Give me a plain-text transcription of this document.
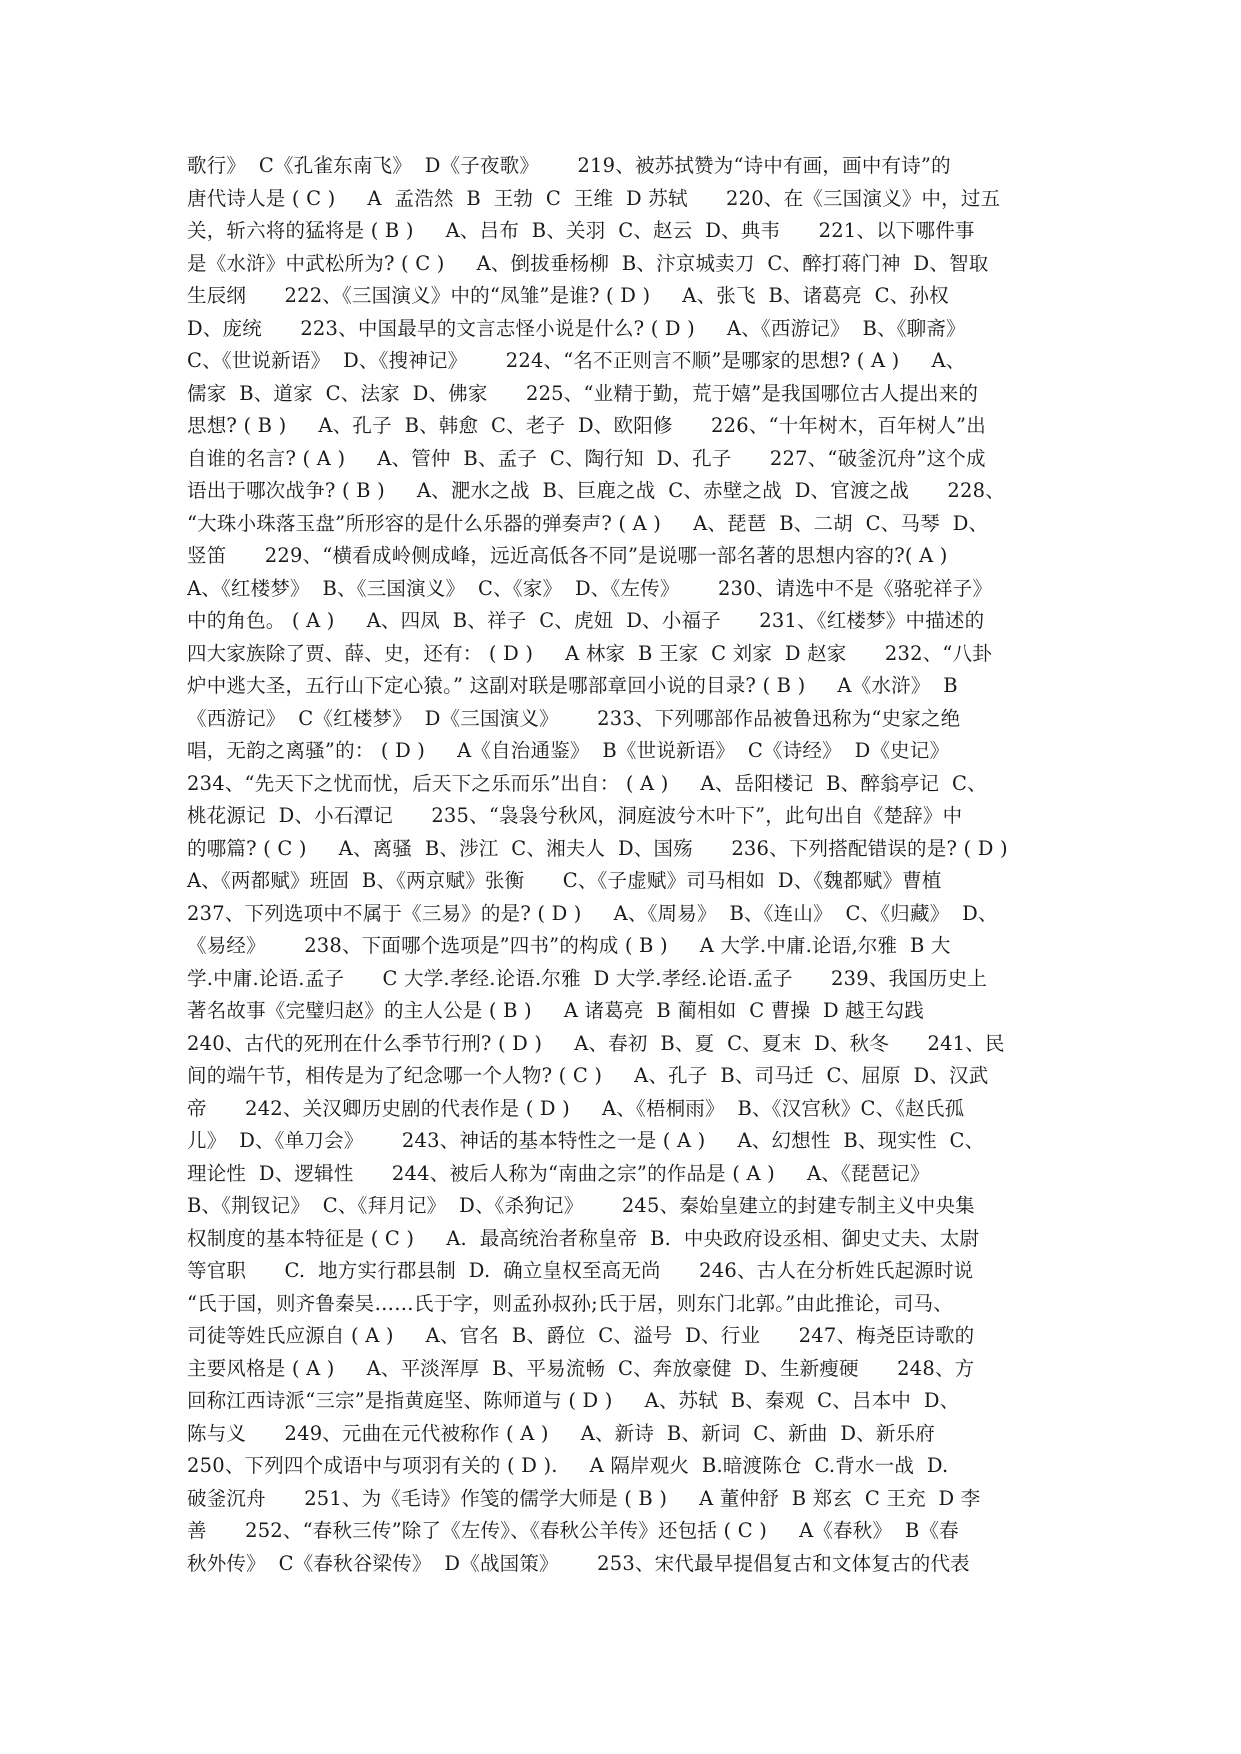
歌行》  C《孔雀东南飞》  D《子夜歌》      219、被苏拭赞为“诗中有画，画中有诗”的
唐代诗人是 ( C )     A  孟浩然  B  王勃  C  王维  D 苏轼      220、在《三国演义》中，过五
关，斩六将的猛将是 ( B )     A、吕布  B、关羽  C、赵云  D、典韦      221、以下哪件事
是《水浒》中武松所为? ( C )     A、倒拔垂杨柳  B、汴京城卖刀  C、醉打蒋门神  D、智取
生辰纲      222、《三国演义》中的“凤雏”是谁? ( D )     A、张飞  B、诸葛亮  C、孙权
D、庞统      223、中国最早的文言志怪小说是什么? ( D )     A、《西游记》  B、《聊斋》
C、《世说新语》  D、《搜神记》      224、“名不正则言不顺”是哪家的思想? ( A )     A、
儒家  B、道家  C、法家  D、佛家      225、“业精于勤，荒于嬉”是我国哪位古人提出来的
思想? ( B )     A、孔子  B、韩愈  C、老子  D、欧阳修      226、“十年树木，百年树人”出
自谁的名言? ( A )     A、管仲  B、孟子  C、陶行知  D、孔子      227、“破釜沉舟”这个成
语出于哪次战争? ( B )     A、淝水之战  B、巨鹿之战  C、赤壁之战  D、官渡之战      228、
“大珠小珠落玉盘”所形容的是什么乐器的弹奏声? ( A )     A、琵琶  B、二胡  C、马琴  D、
竖笛      229、“横看成岭侧成峰，远近高低各不同”是说哪一部名著的思想内容的?( A )
A、《红楼梦》  B、《三国演义》  C、《家》  D、《左传》      230、请选中不是《骆驼祥子》
中的角色。 ( A )     A、四凤  B、祥子  C、虎妞  D、小福子      231、《红楼梦》中描述的
四大家族除了贾、薛、史，还有： ( D )     A 林家  B 王家  C 刘家  D 赵家      232、“八卦
炉中逃大圣，五行山下定心猿。” 这副对联是哪部章回小说的目录? ( B )     A《水浒》  B
《西游记》  C《红楼梦》  D《三国演义》      233、下列哪部作品被鲁迅称为“史家之绝
唱，无韵之离骚”的： ( D )     A《自治通鉴》  B《世说新语》  C《诗经》  D《史记》
234、“先天下之忧而忧，后天下之乐而乐”出自： ( A )     A、岳阳楼记  B、醉翁亭记  C、
桃花源记  D、小石潭记      235、“袅袅兮秋风，洞庭波兮木叶下”，此句出自《楚辞》中
的哪篇? ( C )     A、离骚  B、涉江  C、湘夫人  D、国殇      236、下列搭配错误的是? ( D )
A、《两都赋》班固  B、《两京赋》张衡      C、《子虚赋》司马相如  D、《魏都赋》曹植
237、下列选项中不属于《三易》的是? ( D )     A、《周易》  B、《连山》  C、《归藏》  D、
《易经》      238、下面哪个选项是”四书”的构成 ( B )     A 大学.中庸.论语,尔雅  B 大
学.中庸.论语.孟子      C 大学.孝经.论语.尔雅  D 大学.孝经.论语.孟子      239、我国历史上
著名故事《完璧归赵》的主人公是 ( B )     A 诸葛亮  B 蔺相如  C 曹操  D 越王勾践
240、古代的死刑在什么季节行刑? ( D )     A、春初  B、夏  C、夏末  D、秋冬      241、民
间的端午节，相传是为了纪念哪一个人物? ( C )     A、孔子  B、司马迁  C、屈原  D、汉武
帝      242、关汉卿历史剧的代表作是 ( D )     A、《梧桐雨》  B、《汉宫秋》C、《赵氏孤
儿》  D、《单刀会》      243、神话的基本特性之一是 ( A )     A、幻想性  B、现实性  C、
理论性  D、逻辑性      244、被后人称为“南曲之宗”的作品是 ( A )     A、《琵琶记》
B、《荆钗记》  C、《拜月记》  D、《杀狗记》      245、秦始皇建立的封建专制主义中央集
权制度的基本特征是 ( C )     A.  最高统治者称皇帝  B.  中央政府设丞相、御史丈夫、太尉
等官职      C.  地方实行郡县制  D.  确立皇权至高无尚      246、古人在分析姓氏起源时说
“氏于国，则齐鲁秦吴……氏于字，则孟孙叔孙;氏于居，则东门北郭。”由此推论，司马、
司徒等姓氏应源自 ( A )     A、官名  B、爵位  C、溢号  D、行业      247、梅尧臣诗歌的
主要风格是 ( A )     A、平淡浑厚  B、平易流畅  C、奔放豪健  D、生新瘦硬      248、方
回称江西诗派“三宗”是指黄庭坚、陈师道与 ( D )     A、苏轼  B、秦观  C、吕本中  D、
陈与义      249、元曲在元代被称作 ( A )     A、新诗  B、新词  C、新曲  D、新乐府
250、下列四个成语中与项羽有关的 ( D ).     A 隔岸观火  B.暗渡陈仓  C.背水一战  D.
破釜沉舟      251、为《毛诗》作笺的儒学大师是 ( B )     A 董仲舒  B 郑玄  C 王充  D 李
善      252、“春秋三传”除了《左传》、《春秋公羊传》还包括 ( C )     A《春秋》  B《春
秋外传》  C《春秋谷梁传》  D《战国策》      253、宋代最早提倡复古和文体复古的代表
